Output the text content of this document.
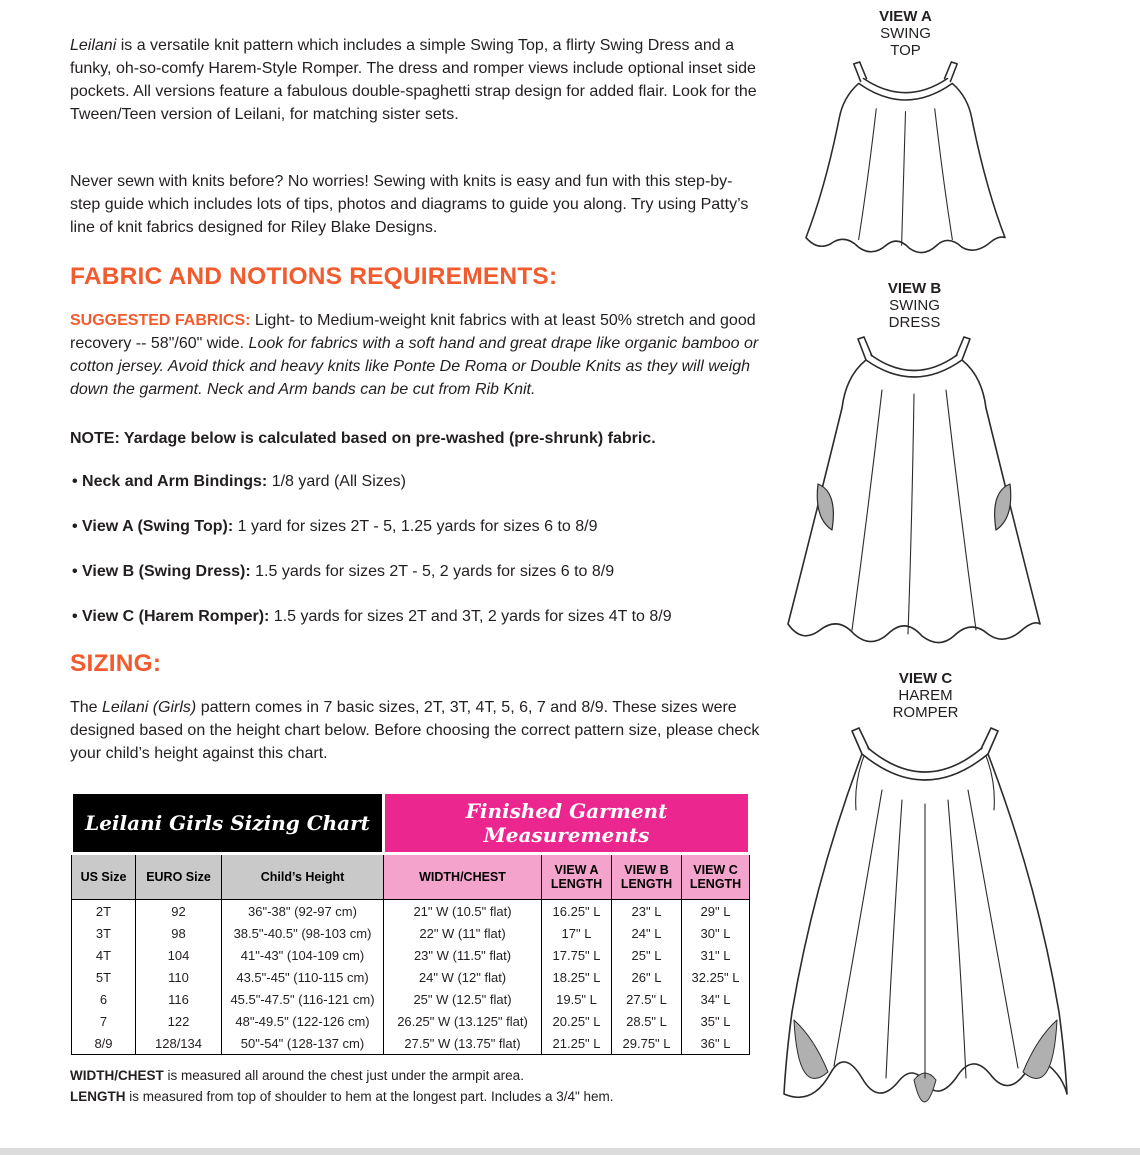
Leilani is a versatile knit pattern which includes a simple Swing Top, a flirty Swing Dress and a funky, oh-so-comfy Harem-Style Romper. The dress and romper views include optional inset side pockets. All versions feature a fabulous double-spaghetti strap design for added flair. Look for the Tween/Teen version of Leilani, for matching sister sets.

Never sewn with knits before? No worries! Sewing with knits is easy and fun with this step-by-step guide which includes lots of tips, photos and diagrams to guide you along. Try using Patty’s line of knit fabrics designed for Riley Blake Designs.

FABRIC AND NOTIONS REQUIREMENTS:

SUGGESTED FABRICS: Light- to Medium-weight knit fabrics with at least 50% stretch and good recovery -- 58"/60" wide. Look for fabrics with a soft hand and great drape like organic bamboo or cotton jersey. Avoid thick and heavy knits like Ponte De Roma or Double Knits as they will weigh down the garment. Neck and Arm bands can be cut from Rib Knit.

NOTE: Yardage below is calculated based on pre-washed (pre-shrunk) fabric.

• Neck and Arm Bindings: 1/8 yard (All Sizes)
• View A (Swing Top): 1 yard for sizes 2T - 5, 1.25 yards for sizes 6 to 8/9
• View B (Swing Dress): 1.5 yards for sizes 2T - 5, 2 yards for sizes 6 to 8/9
• View C (Harem Romper): 1.5 yards for sizes 2T and 3T, 2 yards for sizes 4T to 8/9
SIZING:

The Leilani (Girls) pattern comes in 7 basic sizes, 2T, 3T, 4T, 5, 6, 7 and 8/9. These sizes were designed based on the height chart below. Before choosing the correct pattern size, please check your child’s height against this chart.

Leilani Girls Sizing Chart			Finished Garment Measurements			
US Size	EURO Size	Child’s Height	WIDTH/CHEST	VIEW A LENGTH	VIEW B LENGTH	VIEW C LENGTH
2T	92	36"-38" (92-97 cm)	21" W (10.5" flat)	16.25" L	23" L	29" L
3T	98	38.5"-40.5" (98-103 cm)	22" W (11" flat)	17" L	24" L	30" L
4T	104	41"-43" (104-109 cm)	23" W (11.5" flat)	17.75" L	25" L	31" L
5T	110	43.5"-45" (110-115 cm)	24" W (12" flat)	18.25" L	26" L	32.25" L
6	116	45.5"-47.5" (116-121 cm)	25" W (12.5" flat)	19.5" L	27.5" L	34" L
7	122	48"-49.5" (122-126 cm)	26.25" W (13.125" flat)	20.25" L	28.5" L	35" L
8/9	128/134	50"-54" (128-137 cm)	27.5" W (13.75" flat)	21.25" L	29.75" L	36" L

WIDTH/CHEST is measured all around the chest just under the armpit area.

LENGTH is measured from top of shoulder to hem at the longest part. Includes a 3/4" hem.

VIEW A
SWING
TOP
VIEW B
SWING
DRESS
VIEW C
HAREM
ROMPER
